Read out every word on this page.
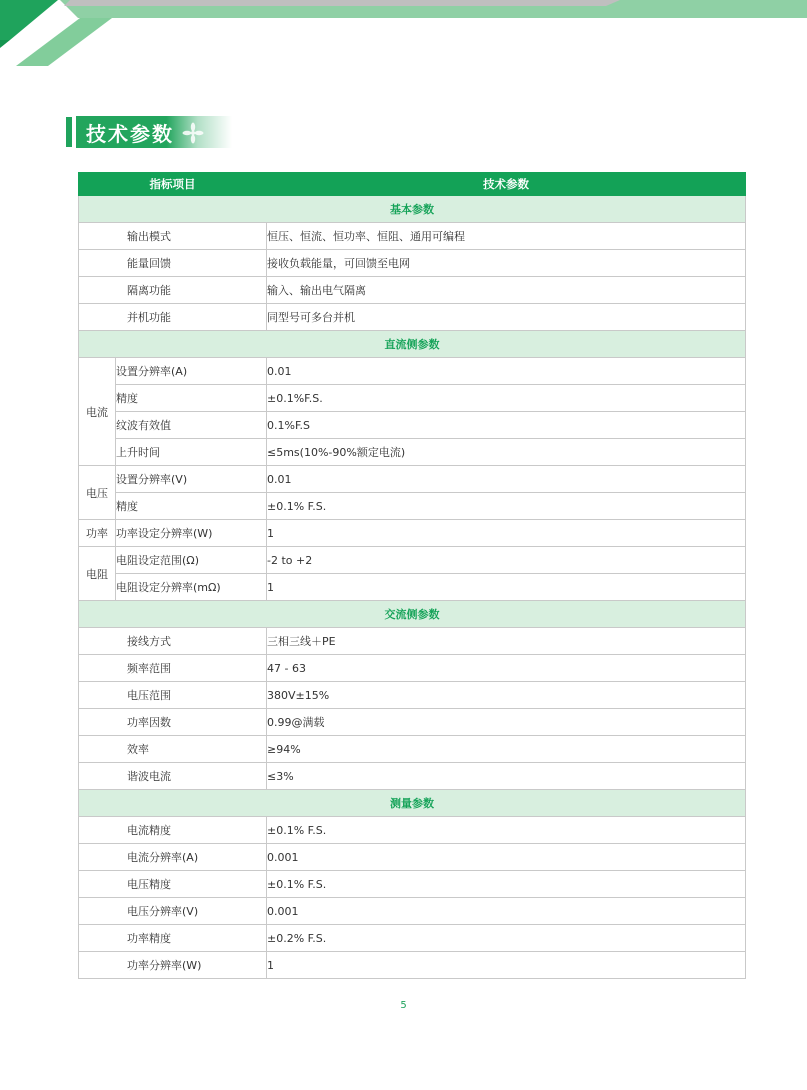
技术参数
指标项目		技术参数
基本参数		
输出模式		恒压、恒流、恒功率、恒阻、通用可编程
能量回馈		接收负载能量，可回馈至电网
隔离功能		输入、输出电气隔离
并机功能		同型号可多台并机
直流侧参数		
电流	设置分辨率(A)	0.01
	精度	±0.1%F.S.
	纹波有效值	0.1%F.S
	上升时间	≤5ms(10%-90%额定电流)
电压	设置分辨率(V)	0.01
	精度	±0.1% F.S.
功率	功率设定分辨率(W)	1
电阻	电阻设定范围(Ω)	-2 to +2
	电阻设定分辨率(mΩ)	1
交流侧参数		
接线方式		三相三线＋PE
频率范围		47 - 63
电压范围		380V±15%
功率因数		0.99@满载
效率		≥94%
谐波电流		≤3%
测量参数		
电流精度		±0.1% F.S.
电流分辨率(A)		0.001
电压精度		±0.1% F.S.
电压分辨率(V)		0.001
功率精度		±0.2% F.S.
功率分辨率(W)		1
5
